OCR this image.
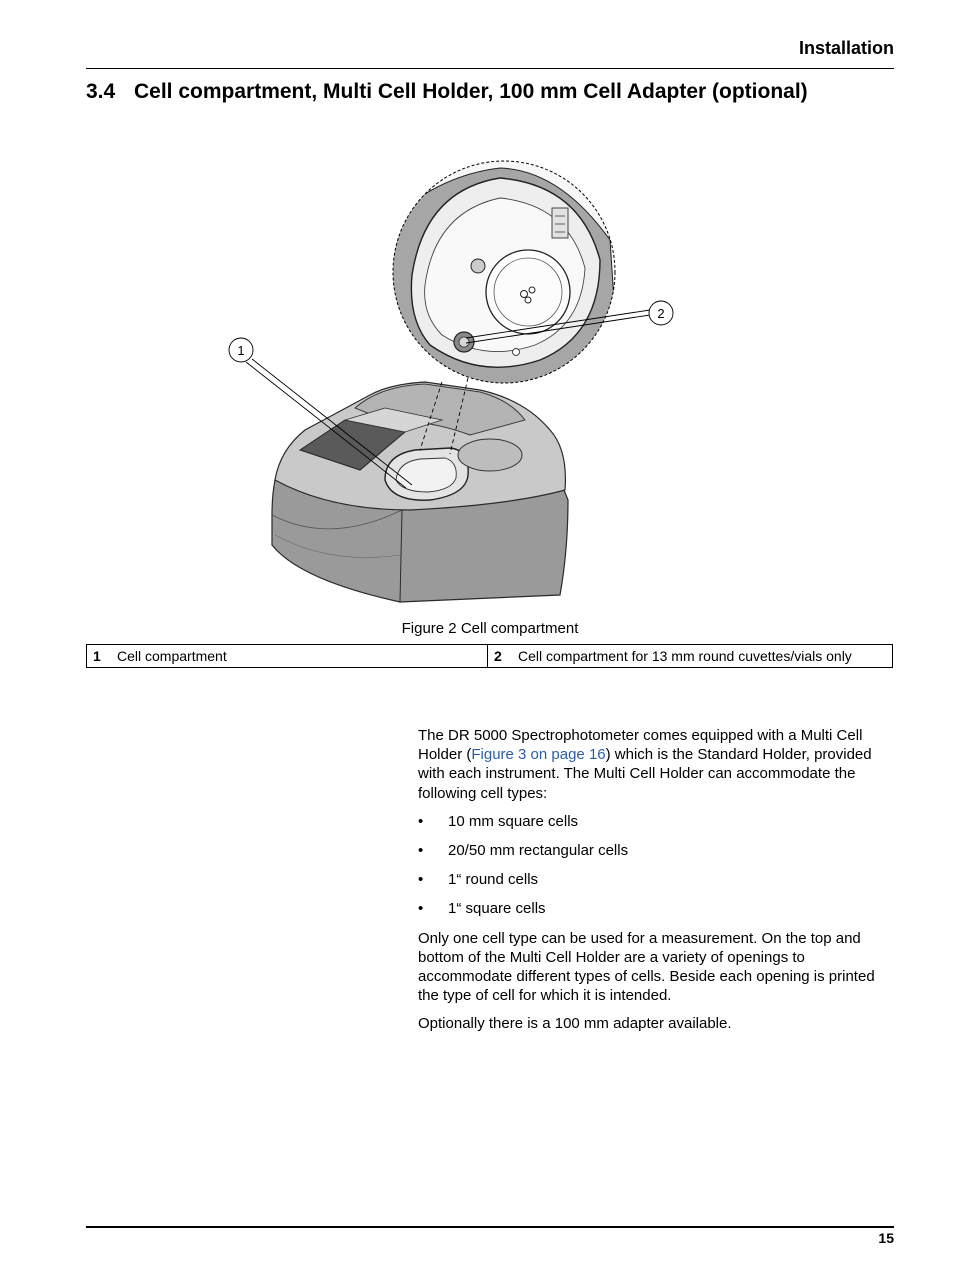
Installation
3.4 Cell compartment, Multi Cell Holder, 100 mm Cell Adapter (optional)
1
2
Figure 2 Cell compartment
1 Cell compartment	2 Cell compartment for 13 mm round cuvettes/vials only

The DR 5000 Spectrophotometer comes equipped with a Multi Cell Holder (Figure 3 on page 16) which is the Standard Holder, provided with each instrument. The Multi Cell Holder can accommodate the following cell types:

• 10 mm square cells
• 20/50 mm rectangular cells
• 1“ round cells
• 1“ square cells

Only one cell type can be used for a measurement. On the top and bottom of the Multi Cell Holder are a variety of openings to accommodate different types of cells. Beside each opening is printed the type of cell for which it is intended.

Optionally there is a 100 mm adapter available.

15
